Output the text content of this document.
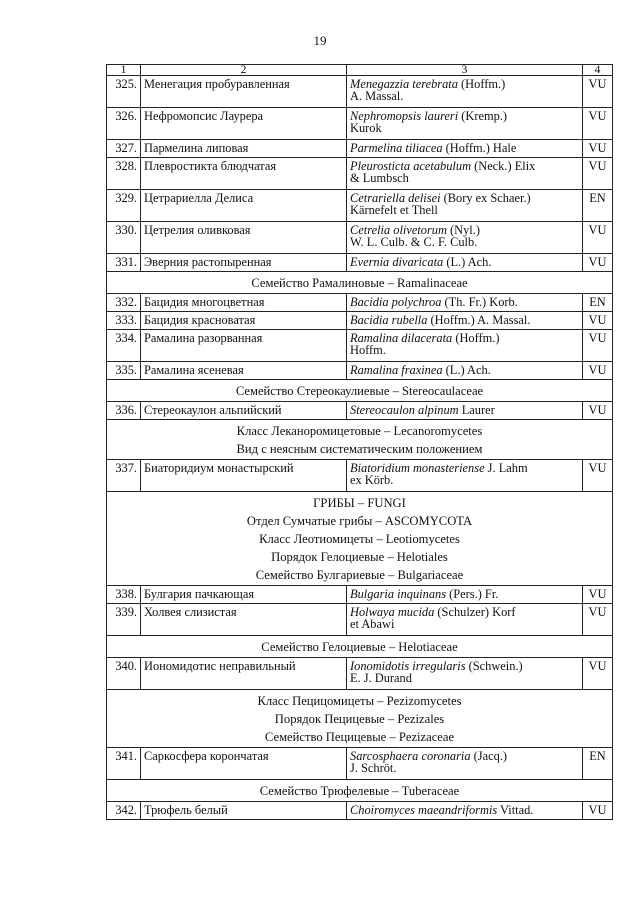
19
1	2	3	4
325.	Менегация пробуравленная	Menegazzia terebrata (Hoffm.)
A. Massal.	VU
326.	Нефромопсис Лаурера	Nephromopsis laureri (Kremp.)
Kurok	VU
327.	Пармелина липовая	Parmelina tiliacea (Hoffm.) Hale	VU
328.	Плевростикта блюдчатая	Pleurosticta acetabulum (Neck.) Elix
& Lumbsch	VU
329.	Цетрариелла Делиса	Cetrariella delisei (Bory ex Schaer.)
Kärnefelt et Thell	EN
330.	Цетрелия оливковая	Cetrelia olivetorum (Nyl.)
W. L. Culb. & C. F. Culb.	VU
331.	Эверния растопыренная	Evernia divaricata (L.) Ach.	VU

Семейство Рамалиновые – Ramalinaceae			

332.	Бацидия многоцветная	Bacidia polychroa (Th. Fr.) Korb.	EN
333.	Бацидия красноватая	Bacidia rubella (Hoffm.) A. Massal.	VU
334.	Рамалина разорванная	Ramalina dilacerata (Hoffm.)
Hoffm.	VU
335.	Рамалина ясеневая	Ramalina fraxinea (L.) Ach.	VU

Семейство Стереокаулиевые – Stereocaulaceae			

336.	Стереокаулон альпийский	Stereocaulon alpinum Laurer	VU

Класс Леканоромицетовые – Lecanoromycetes
Вид с неясным систематическим положением			

337.	Биаторидиум монастырский	Biatoridium monasteriense J. Lahm
ex Körb.	VU

ГРИБЫ – FUNGI
Отдел Сумчатые грибы – ASCOMYCOTA
Класс Леотиомицеты – Leotiomycetes
Порядок Гелоциевые – Helotiales
Семейство Булгариевые – Bulgariaceae			

338.	Булгария пачкающая	Bulgaria inquinans (Pers.) Fr.	VU
339.	Холвея слизистая	Holwaya mucida (Schulzer) Korf
et Abawi	VU

Семейство Гелоциевые – Helotiaceae			

340.	Иономидотис неправильный	Ionomidotis irregularis (Schwein.)
E. J. Durand	VU

Класс Пецицомицеты – Pezizomycetes
Порядок Пецицевые – Pezizales
Семейство Пецицевые – Pezizaceae			

341.	Саркосфера корончатая	Sarcosphaera coronaria (Jacq.)
J. Schröt.	EN

Семейство Трюфелевые – Tuberaceae			

342.	Трюфель белый	Choiromyces maeandriformis Vittad.	VU
